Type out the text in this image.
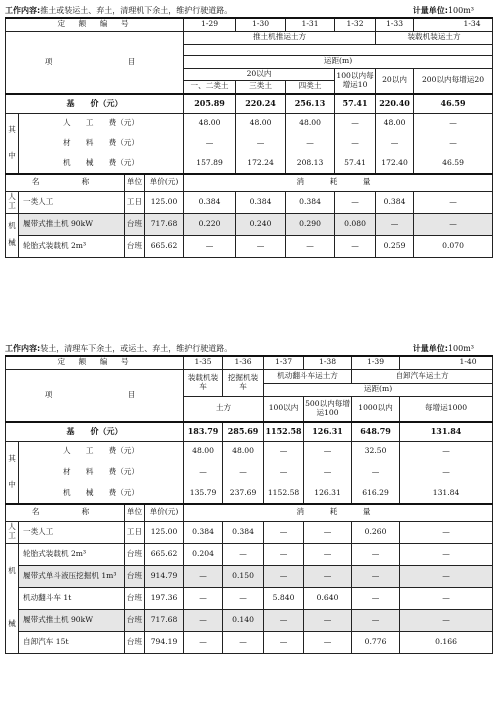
工作内容:推土或装运土、弃土，清理机下余土，维护行驶道路。	计量单位:100m³
定　额　编　号				1-29	1-30	1-31	1-32	1-33	1-34
项　　　　目				推土机推运土方				装载机装运土方	

				运距(m)					
				20以内			100以内每增运10	20以内	200以内每增运20
				一、二类土	三类土	四类土			
基　　价（元）				205.89	220.24	256.13	57.41	220.40	46.59
其

中	人　　工　　费（元）			48.00	48.00	48.00	—	48.00	—
	材　　料　　费（元）			—	—	—	—	—	—
	机　　械　　费（元）			157.89	172.24	208.13	57.41	172.40	46.59
名　　称		单位	单价(元)	消　耗　量					
人工	一类人工	工日	125.00	0.384	0.384	0.384	—	0.384	—
机

械	履带式推土机 90kW	台班	717.68	0.220	0.240	0.290	0.080	—	—
	轮胎式装载机 2m³	台班	665.62	—	—	—	—	0.259	0.070
工作内容:装土，清理车下余土，或运土、弃土，维护行驶道路。	计量单位:100m³
定　额　编　号				1-35	1-36	1-37	1-38	1-39	1-40
项　　　　目				装载机装　车	挖掘机装　车	机动翻斗车运土方		自卸汽车运土方	
						运距(m)			
				土方		100以内	500以内每增运100	1000以内	每增运1000

基　　价（元）				183.79	285.69	1152.58	126.31	648.79	131.84
其

中	人　　工　　费（元）			48.00	48.00	—	—	32.50	—
	材　　料　　费（元）			—	—	—	—	—	—
	机　　械　　费（元）			135.79	237.69	1152.58	126.31	616.29	131.84
名　　称		单位	单价(元)	消　耗　量					
人工	一类人工	工日	125.00	0.384	0.384	—	—	0.260	—
机

械	轮胎式装载机 2m³	台班	665.62	0.204	—	—	—	—	—
	履带式单斗液压挖掘机 1m³	台班	914.79	—	0.150	—	—	—	—
	机动翻斗车 1t	台班	197.36	—	—	5.840	0.640	—	—
	履带式推土机 90kW	台班	717.68	—	0.140	—	—	—	—
	自卸汽车 15t	台班	794.19	—	—	—	—	0.776	0.166
